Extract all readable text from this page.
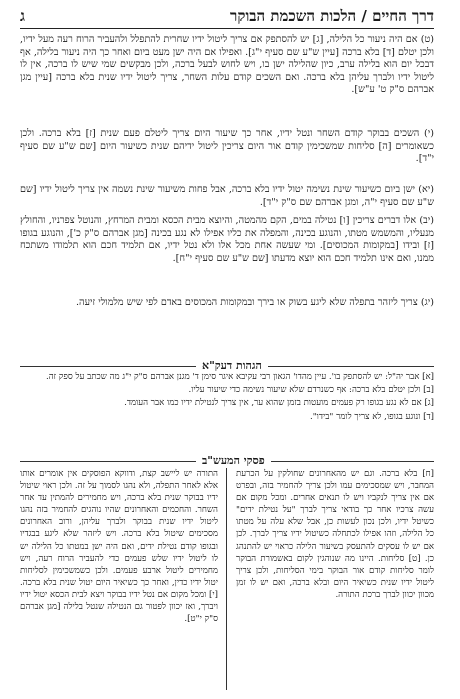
דרך החיים / הלכות השכמת הבוקר
ג

(ט) אם היה ניעור כל הלילה, [ג] יש להסתפק אם צריך ליטול ידיו שחרית להתפלל ולהעביר הרוח רעה מעל ידיו, ולכן יטלם [ד] בלא ברכה [עיין ש"ע שם סעיף י"ג]. ואפילו אם היה ישן מעט ביום ואחר כך היה ניעור בלילה, אף דבכל יום הוא בלילה ערב, כיון שהלילה ישן בו, ויש לחוש לבעל ברכה, ולכן מבקשים שמי שיש לו ברכה, אין לו ליטול ידיו ולברך עליהן בלא ברכה. ואם השכים קודם עלות השחר, צריך ליטול ידיו שנית בלא ברכה [עיין מגן אברהם ס"ק ט' ע"ש].

(י) השכים בבוקר קודם השחר ונטל ידיו, אחר כך שיעור היום צריך ליטלם פעם שנית [ז] בלא ברכה. ולכן כשאומרים [ה] סליחות שמשכימין קודם אור היום צריכין ליטול ידיהם שנית כשיעור היום [שם ש"ע שם סעיף י"ד].

(יא) ישן ביום כשיעור שינת נשימה יטול ידיו בלא ברכה, אבל פחות משיעור שינת נשמה אין צריך ליטול ידיו [שם ש"ע שם סעיף י"ה, ומגן אברהם שם ס"ק י"ד].

(יב) אלו דברים צריכין [ו] נטילה במים, הקם מהמטה, והיוצא מבית הכסא ומבית המרחץ, והנוטל צפרניו, והחולץ מנעליו, והמשמש מטתו, והנוגע בכינה, והמפלה את כליו אפילו לא נגע בכינה [מגן אברהם ס"ק כ'], והנוגע בגופו [ז] ובידו [במקומות המכוסים]. ומי שעשה אחת מכל אלו ולא נטל ידיו, אם תלמיד חכם הוא תלמודו משתכח ממנו, ואם אינו תלמיד חכם הוא יוצא מדעתו [שם ש"ע שם סעיף י"ח].

(יג) צריך ליזהר בתפלה שלא ליגע בשוק או בירך ובמקומות המכוסים באדם לפי שיש מלמולי זיעה.

הגהות דעק"א

[א] אבר יה"ל: יש להסתפק בו'. עיין מהדו' הגאון רבי עקיבא איגר סימן ד' מגנן אברהם ס"ק י"ג מה שכתב על ספק זה.

[ב] ולכן יטלם בלא ברכה: אף כשנרדם שלא שיעור נשימה כדי שיעור עליו.

[ג] אם לא נגע בגופו רק פעמים מועטות בזמן שהוא ער, אין צריך לנטילת ידיו כמו אבר העומד.

[ד] ונוגע בגופו, לא צריך לומר "בידו".

פסקי המעש"ב
[ח] בלא ברכה. וגם יש מהאחרונים שחולקין על הכרעת המחבר, ויש שמסכימים עמו ולכן צריך להחמיר בזה, ובפרט אם אין צריך לנקביו ויש לו תנאים אחרים. ומכל מקום אם עשה צרכיו אחר כך בודאי צריך לברך "על נטילת ידים" כשיטל ידיו, ולכן נכון לעשות כן, אבל שלא עלה על מטתו כל הלילה, וזהו אפילו לכתחלה כשיטול ידיו צריך לברך. לכן אם יש לו עסקים להתעסק בשיעור הלילה כראוי יש להתנהג כן. [ט] סליחות. היינו מה שנוהגין לקום באשמורת הבוקר לומר סליחות קודם אור הבוקר בימי הסליחות, ולכן צריך ליטול ידיו שנית כשיאיר היום ובלא ברכה, ואם יש לו זמן מכוון יכוון לברך ברכת התורה.
התורה יש ליישב קצת, ודווקא הפוסקים אין אומרים אותו אלא לאחר התפלה, ולא נהגו לסמוך על זה. ולכן ראוי שיטול ידיו בבוקר שנית בלא ברכה, ויש מחמירים להמתין עד אחר השחר. והחכמים והאחרונים שהיו נוהגים להחמיר בזה נהגו ליטול ידיו שנית בבוקר ולברך עליהן, ורוב האחרונים מסכימים שיטול בלא ברכה. ויש ליזהר שלא ליגע בבגדיו ובגופו קודם נטילת ידים, ואם היה ישן במטתו כל הלילה יש לו ליטול ידיו שלש פעמים כדי להעביר הרוח רעה, ויש מחמירים ליטול ארבע פעמים. ולכן כשמשכימין לסליחות יטול ידיו כדין, ואחר כך כשיאיר היום יטול שנית בלא ברכה. [י] ומכל מקום אם נטל ידיו בבוקר ויצא לבית הכסא יטול ידיו ויברך, ואז יכוון לפטור גם הנטילה שנטל בלילה [מגן אברהם ס"ק י"ט].
